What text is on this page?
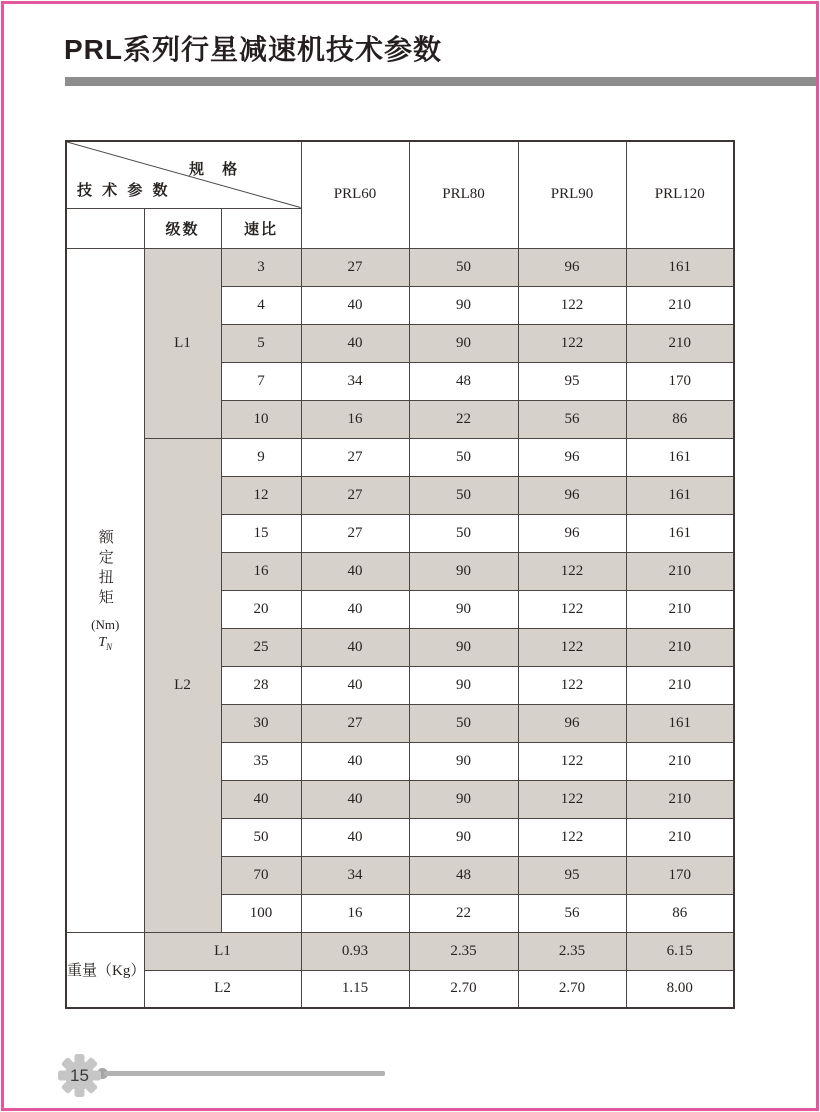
PRL系列行星减速机技术参数
规 格
技 术 参 数			PRL60	PRL80	PRL90	PRL120
	级数	速比				

额定扭矩
(Nm)
$T_N$	L1	3	27	50	96	161
		4	40	90	122	210
		5	40	90	122	210
		7	34	48	95	170
		10	16	22	56	86
	L2	9	27	50	96	161
		12	27	50	96	161
		15	27	50	96	161
		16	40	90	122	210
		20	40	90	122	210
		25	40	90	122	210
		28	40	90	122	210
		30	27	50	96	161
		35	40	90	122	210
		40	40	90	122	210
		50	40	90	122	210
		70	34	48	95	170
		100	16	22	56	86
重量（Kg）	L1		0.93	2.35	2.35	6.15
	L2		1.15	2.70	2.70	8.00
15
